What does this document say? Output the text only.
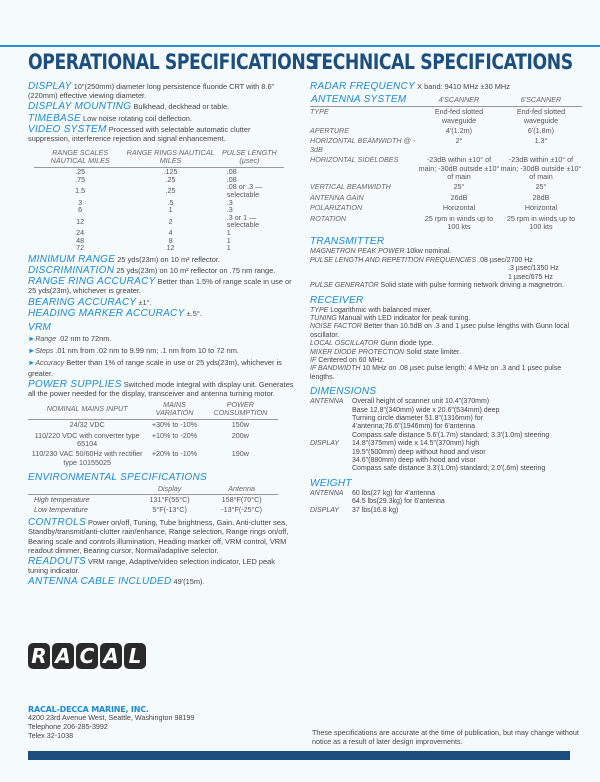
OPERATIONAL SPECIFICATIONS

DISPLAY 10"(250mm) diameter long persistence fluoride CRT with 8.6"(220mm) effective viewing diameter.

DISPLAY MOUNTING Bulkhead, deckhead or table.

TIMEBASE Low noise rotating coil deflection.

VIDEO SYSTEM Processed with selectable automatic clutter suppression, interference rejection and signal enhancement.

RANGE SCALES NAUTICAL MILES	RANGE RINGS NAUTICAL MILES	PULSE LENGTH (µsec)
.25	.125	.08
.75	.25	.08
1.5	.25	.08 or .3 —selectable
3	.5	.3
6	1	.3
12	2	.3 or 1 —selectable
24	4	1
48	8	1
72	12	1

MINIMUM RANGE 25 yds(23m) on 10 m² reflector.

DISCRIMINATION 25 yds(23m) on 10 m² reflector on .75 nm range.

RANGE RING ACCURACY Better than 1.5% of range scale in use or 25 yds(23m), whichever is greater.

BEARING ACCURACY ±1°.

HEADING MARKER ACCURACY ±.5°.

VRM

►Range .02 nm to 72nm.

►Steps .01 nm from .02 nm to 9.99 nm; .1 nm from 10 to 72 nm.

►Accuracy Better than 1% of range scale in use or 25 yds(23m), whichever is greater.

POWER SUPPLIES Switched mode integral with display unit. Generates all the power needed for the display, transceiver and antenna turning motor.

NOMINAL MAINS INPUT	MAINS VARIATION	POWER CONSUMPTION
24/32 VDC	+30% to -10%	150w
110/220 VDC with converter type 65104	+10% to -20%	200w
110/230 VAC 50/60Hz with rectifier type 10155025	+20% to -10%	190w
ENVIRONMENTAL SPECIFICATIONS
	Display	Antenna
High temperature	131°F(55°C)	158°F(70°C)
Low temperature	5°F(-13°C)	-13°F(-25°C)

CONTROLS Power on/off, Tuning, Tube brightness, Gain, Anti-clutter sea, Standby/transmit/anti-clutter rain/enhance, Range selection, Range rings on/off, Bearing scale and controls illumination, Heading marker off, VRM control, VRM readout dimmer, Bearing cursor, Normal/adaptive selector.

READOUTS VRM range, Adaptive/video selection indicator, LED peak tuning indicator.

ANTENNA CABLE INCLUDED 49'(15m).

TECHNICAL SPECIFICATIONS

RADAR FREQUENCY X band: 9410 MHz ±30 MHz

ANTENNA SYSTEM	4'SCANNER	6'SCANNER
TYPE	End-fed slotted waveguide	End-fed slotted waveguide
APERTURE	4'(1.2m)	6'(1.8m)
HORIZONTAL BEAMWIDTH @ - 3dB	2°	1.3°
HORIZONTAL SIDELOBES	-23dB within ±10° of main; -30dB outside ±10° of main	-23dB within ±10° of main; -30dB outside ±10° of main
VERTICAL BEAMWIDTH	25°	25°
ANTENNA GAIN	26dB	28dB
POLARIZATION	Horizontal	Horizontal
ROTATION	25 rpm in winds up to 100 kts	25 rpm in winds up to 100 kts
TRANSMITTER
MAGNETRON PEAK POWER 10kw nominal.
PULSE LENGTH AND REPETITION FREQUENCIES .08 µsec/2700 Hz
.3 µsec/1350 Hz
1 µsec/675 Hz
PULSE GENERATOR Solid state with pulse forming network driving a magnetron.
RECEIVER
TYPE Logarithmic with balanced mixer.
TUNING Manual with LED indicator for peak tuning.
NOISE FACTOR Better than 10.5dB on .3 and 1 µsec pulse lengths with Gunn local oscillator.
LOCAL OSCILLATOR Gunn diode type.
MIXER DIODE PROTECTION Solid state limiter.
IF Centered on 60 MHz.
IF BANDWIDTH 10 MHz on .08 µsec pulse length; 4 MHz on .3 and 1 µsec pulse lengths.
DIMENSIONS
ANTENNA	Overall height of scanner unit 10.4"(370mm)
Base 12.8"(340mm) wide x 20.6"(534mm) deep
Turning circle diameter 51.8"(1316mm) for
4'antenna;76.6"(1946mm) for 6'antenna
Compass safe distance 5.6'(1.7m) standard; 3.3'(1.0m) steering
DISPLAY	14.8"(375mm) wide x 14.5"(370mm) high
19.5"(500mm) deep without hood and visor
34.6"(880mm) deep with hood and visor
Compass safe distance 3.3'(1.0m) standard; 2.0'(.6m) steering
WEIGHT
ANTENNA	60 lbs(27 kg) for 4'antenna
64.5 lbs(29.3kg) for 6'antenna
DISPLAY	37 lbs(16.8 kg)
R A C A L
RACAL-DECCA MARINE, INC.
4200 23rd Avenue West, Seattle, Washington 98199
Telephone 206-285-3992
Telex 32-1038	These specifications are accurate at the time of publication, but may change without notice as a result of later design improvements.
